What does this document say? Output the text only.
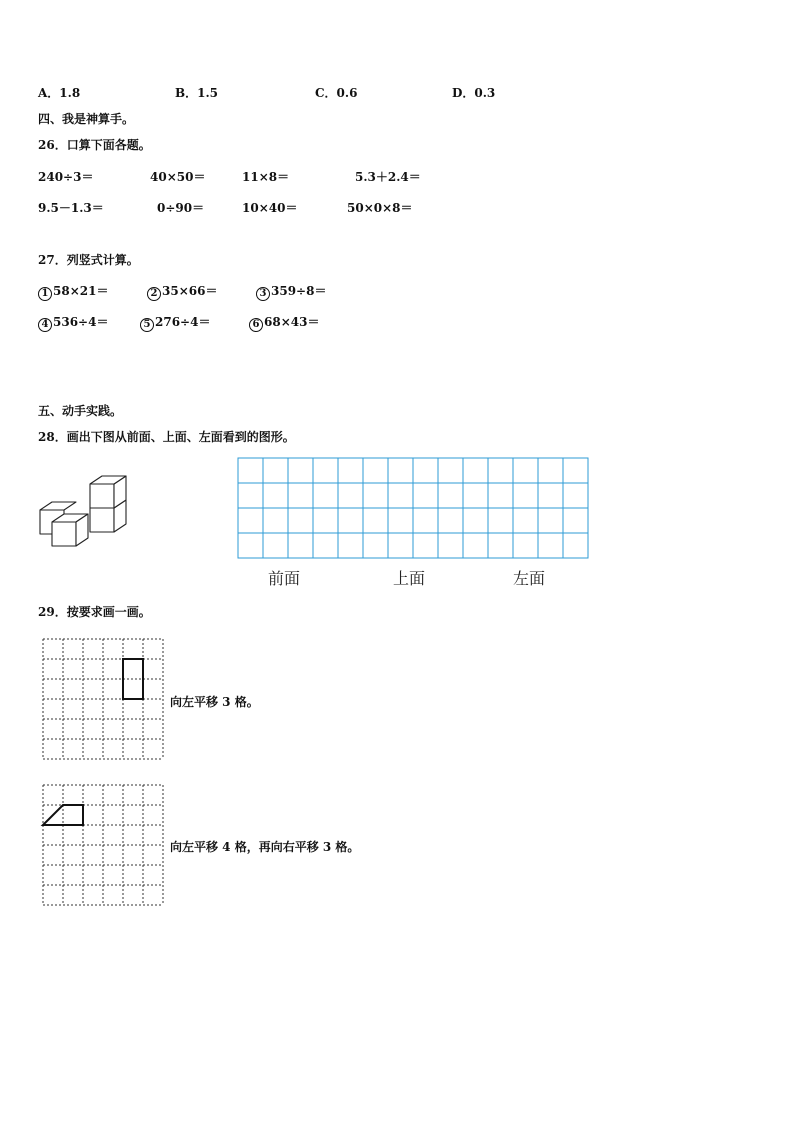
A．1.8	B．1.5	C．0.6	D．0.3
四、我是神算手。
26．口算下面各题。
240÷3＝	40×50＝	11×8＝	5.3＋2.4＝
9.5－1.3＝	0÷90＝	10×40＝	50×0×8＝
27．列竖式计算。
1 58×21＝	2 35×66＝	3 359÷8＝
4 536÷4＝	5 276÷4＝	6 68×43＝
五、动手实践。
28．画出下图从前面、上面、左面看到的图形。
前面	上面	左面
29．按要求画一画。
向左平移 3 格。
向左平移 4 格，再向右平移 3 格。
